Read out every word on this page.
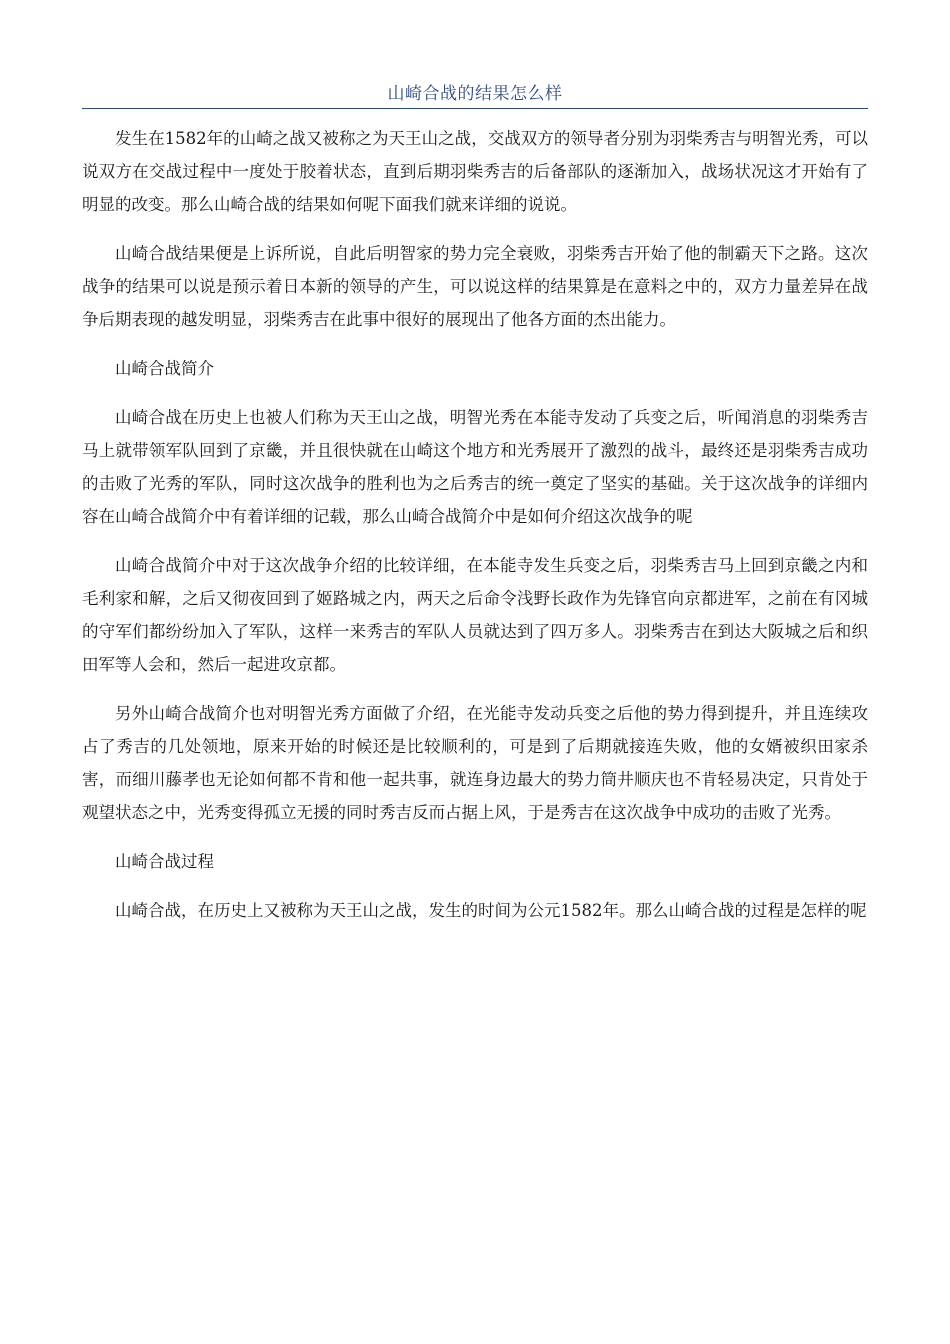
山崎合战的结果怎么样

发生在1582年的山崎之战又被称之为天王山之战，交战双方的领导者分别为羽柴秀吉与明智光秀，可以说双方在交战过程中一度处于胶着状态，直到后期羽柴秀吉的后备部队的逐渐加入，战场状况这才开始有了明显的改变。那么山崎合战的结果如何呢下面我们就来详细的说说。

山崎合战结果便是上诉所说，自此后明智家的势力完全衰败，羽柴秀吉开始了他的制霸天下之路。这次战争的结果可以说是预示着日本新的领导的产生，可以说这样的结果算是在意料之中的，双方力量差异在战争后期表现的越发明显，羽柴秀吉在此事中很好的展现出了他各方面的杰出能力。

山崎合战简介

山崎合战在历史上也被人们称为天王山之战，明智光秀在本能寺发动了兵变之后，听闻消息的羽柴秀吉马上就带领军队回到了京畿，并且很快就在山崎这个地方和光秀展开了激烈的战斗，最终还是羽柴秀吉成功的击败了光秀的军队，同时这次战争的胜利也为之后秀吉的统一奠定了坚实的基础。关于这次战争的详细内容在山崎合战简介中有着详细的记载，那么山崎合战简介中是如何介绍这次战争的呢

山崎合战简介中对于这次战争介绍的比较详细，在本能寺发生兵变之后，羽柴秀吉马上回到京畿之内和毛利家和解，之后又彻夜回到了姬路城之内，两天之后命令浅野长政作为先锋官向京都进军，之前在有冈城的守军们都纷纷加入了军队，这样一来秀吉的军队人员就达到了四万多人。羽柴秀吉在到达大阪城之后和织田军等人会和，然后一起进攻京都。

另外山崎合战简介也对明智光秀方面做了介绍，在光能寺发动兵变之后他的势力得到提升，并且连续攻占了秀吉的几处领地，原来开始的时候还是比较顺利的，可是到了后期就接连失败，他的女婿被织田家杀害，而细川藤孝也无论如何都不肯和他一起共事，就连身边最大的势力筒井顺庆也不肯轻易决定，只肯处于观望状态之中，光秀变得孤立无援的同时秀吉反而占据上风，于是秀吉在这次战争中成功的击败了光秀。

山崎合战过程

山崎合战，在历史上又被称为天王山之战，发生的时间为公元1582年。那么山崎合战的过程是怎样的呢
